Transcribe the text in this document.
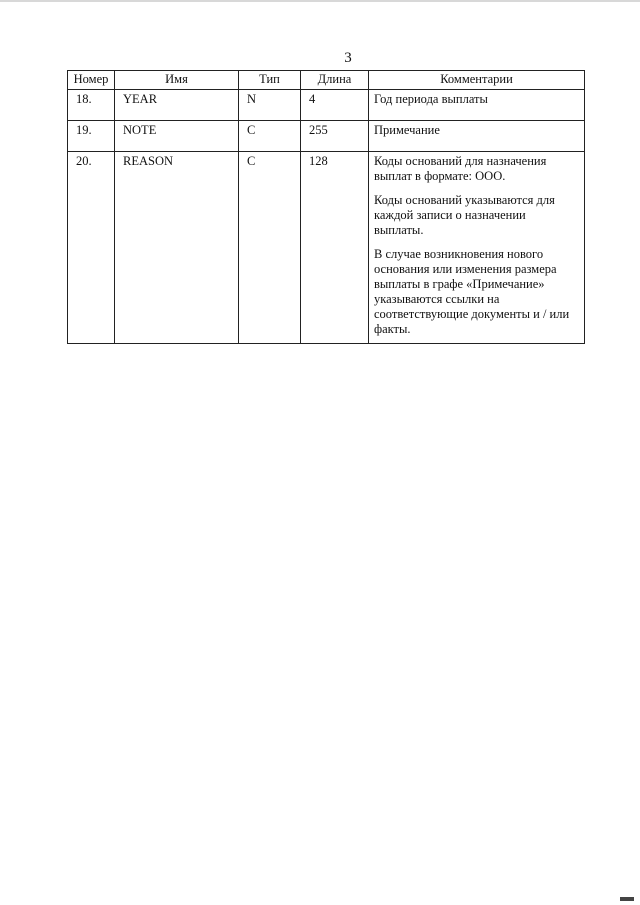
3
Номер	Имя	Тип	Длина	Комментарии
18.	YEAR	N	4	Год периода выплаты

19.	NOTE	C	255	Примечание

20.	REASON	C	128	Коды оснований для назначения выплат в формате: ООО.

Коды оснований указываются для каждой записи о назначении выплаты.

В случае возникновения нового основания или изменения размера выплаты в графе «Примечание» указываются ссылки на соответствующие документы и / или факты.
